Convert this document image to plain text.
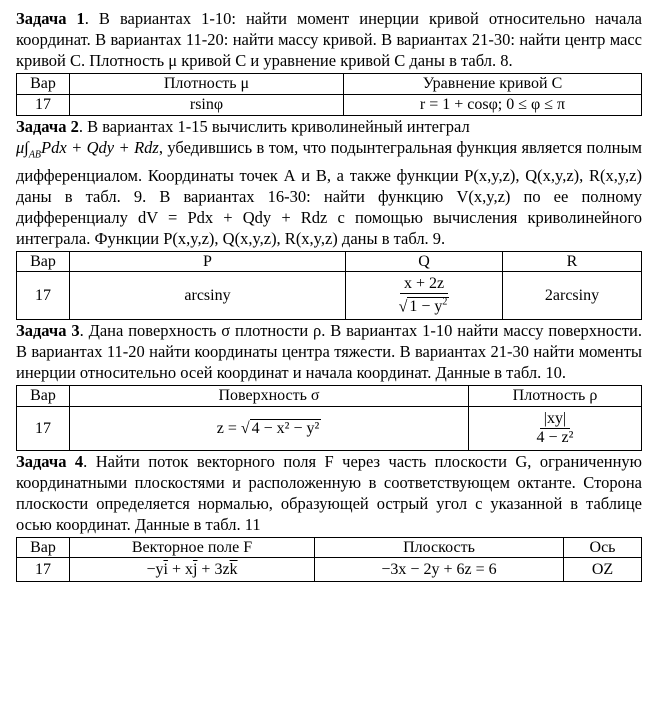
Задача 1. В вариантах 1-10: найти момент инерции кривой относительно начала координат. В вариантах 11-20: найти массу кривой. В вариантах 21-30: найти центр масс кривой С. Плотность μ кривой С и уравнение кривой С даны в табл. 8.

Вар	Плотность μ	Уравнение кривой С
17	rsinφ	r = 1 + cosφ; 0 ≤ φ ≤ π

Задача 2. В вариантах 1-15 вычислить криволинейный интеграл
$\mu\int_{AB}Pdx$ + Qdy + Rdz, убедившись в том, что подынтегральная функция является полным дифференциалом. Координаты точек А и В, а также функции P(x,y,z), Q(x,y,z), R(x,y,z) даны в табл. 9. В вариантах 16-30: найти функцию V(x,y,z) по ее полному дифференциалу dV = Pdx + Qdy + Rdz с помощью вычисления криволинейного интеграла. Функции P(x,y,z), Q(x,y,z), R(x,y,z) даны в табл. 9.

Вар	P	Q	R
17	arcsiny	$\frac{x + 2z}{√ 1 - y^2}$	2arcsiny

Задача 3. Дана поверхность σ плотности ρ. В вариантах 1-10 найти массу поверхности. В вариантах 11-20 найти координаты центра тяжести. В вариантах 21-30 найти моменты инерции относительно осей координат и начала координат. Данные в табл. 10.

Вар	Поверхность σ	Плотность ρ
17	z = √ 4 − x² − y²	$\frac{|xy|}{\text{4 − z²}}$

Задача 4. Найти поток векторного поля F через часть плоскости G, ограниченную координатными плоскостями и расположенную в соответствующем октанте. Сторона плоскости определяется нормалью, образующей острый угол с указанной в таблице осью координат. Данные в табл. 11

Вар	Векторное поле F	Плоскость	Ось
17	$-y\overline{i} + x\overline{j} + 3z\overline{k}$	−3x − 2y + 6z = 6	OZ
